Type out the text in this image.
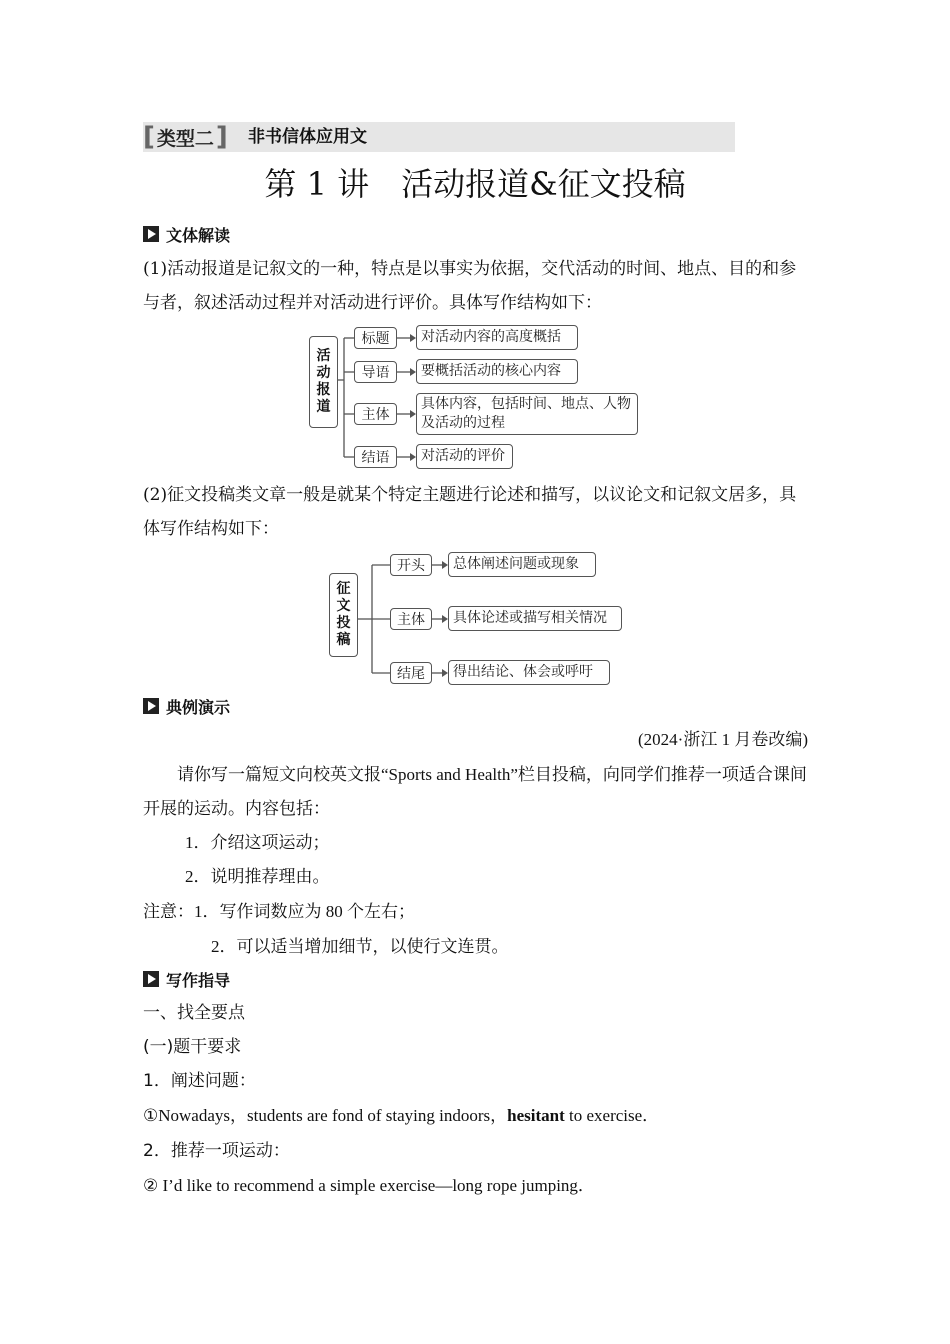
[ 类型二 ] 非书信体应用文
第 1 讲　活动报道&征文投稿
文体解读
(1)活动报道是记叙文的一种，特点是以事实为依据，交代活动的时间、地点、目的和参与者，叙述活动过程并对活动进行评价。具体写作结构如下：
活
动
报
道
标题	对活动内容的高度概括
导语	要概括活动的核心内容
主体
具体内容，包括时间、地点、人物及活动的过程
结语	对活动的评价
(2)征文投稿类文章一般是就某个特定主题进行论述和描写，以议论文和记叙文居多，具体写作结构如下：
征
文
投
稿
开头	总体阐述问题或现象
主体	具体论述或描写相关情况
结尾	得出结论、体会或呼吁
典例演示
(2024·浙江 1 月卷改编)
请你写一篇短文向校英文报“Sports and Health”栏目投稿，向同学们推荐一项适合课间开展的运动。内容包括：
1．介绍这项运动；
2．说明推荐理由。
注意：1．写作词数应为 80 个左右；
2．可以适当增加细节，以使行文连贯。
写作指导
一、找全要点
(一)题干要求
1．阐述问题：
①Nowadays，students are fond of staying indoors，hesitant to exercise．
2．推荐一项运动：
② I’d like to recommend a simple exercise—long rope jumping．
